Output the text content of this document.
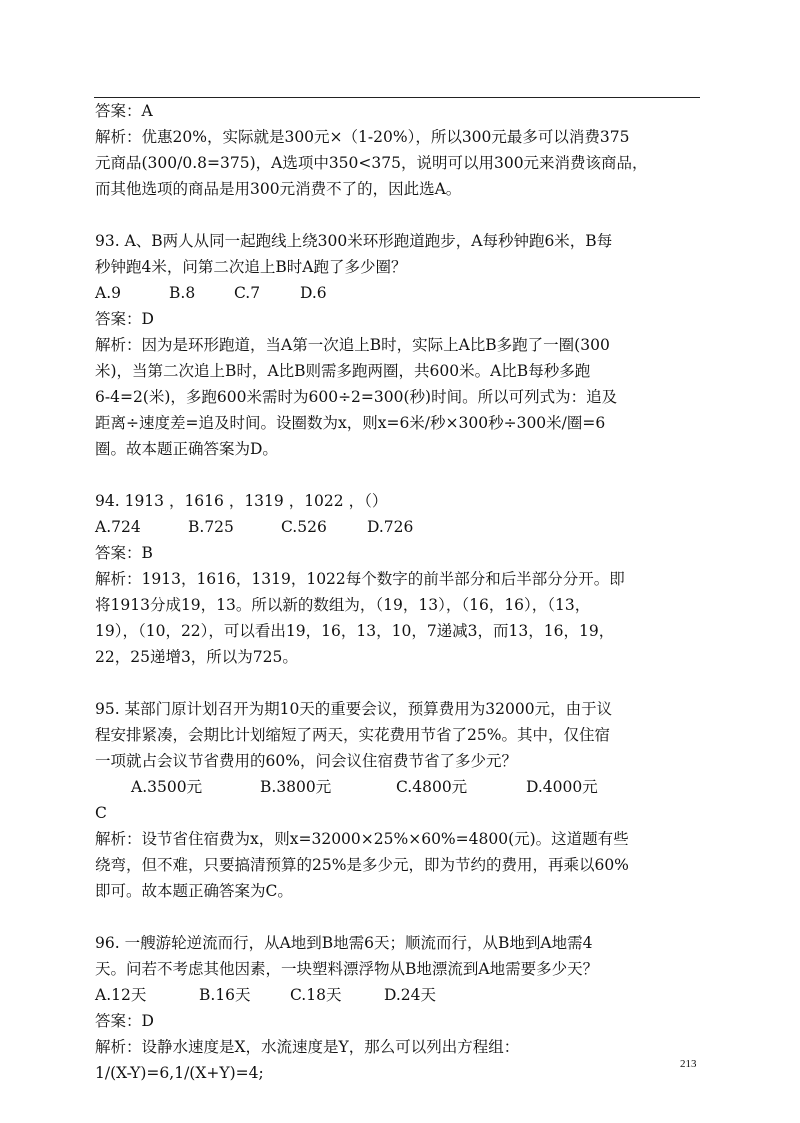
答案：A
解析：优惠20%，实际就是300元×（1-20%），所以300元最多可以消费375
元商品(300/0.8=375)，A选项中350<375，说明可以用300元来消费该商品，
而其他选项的商品是用300元消费不了的，因此选A。
93. A、B两人从同一起跑线上绕300米环形跑道跑步，A每秒钟跑6米，B每
秒钟跑4米，问第二次追上B时A跑了多少圈？
A.9	B.8	C.7	D.6
答案：D
解析：因为是环形跑道，当A第一次追上B时，实际上A比B多跑了一圈(300
米)，当第二次追上B时，A比B则需多跑两圈，共600米。A比B每秒多跑
6-4=2(米)，多跑600米需时为600÷2=300(秒)时间。所以可列式为：追及
距离÷速度差=追及时间。设圈数为x，则x=6米/秒×300秒÷300米/圈=6
圈。故本题正确答案为D。
94. 1913 ，1616 ，1319 ，1022 ，（）
A.724	B.725	C.526	D.726
答案：B
解析：1913，1616，1319，1022每个数字的前半部分和后半部分分开。即
将1913分成19，13。所以新的数组为，（19，13），（16，16），（13，
19），（10，22），可以看出19，16，13，10，7递减3，而13，16，19，
22，25递增3，所以为725。
95. 某部门原计划召开为期10天的重要会议，预算费用为32000元，由于议
程安排紧凑，会期比计划缩短了两天，实花费用节省了25%。其中，仅住宿
一项就占会议节省费用的60%，问会议住宿费节省了多少元？
A.3500元	B.3800元	C.4800元	D.4000元
C
解析：设节省住宿费为x，则x=32000×25%×60%=4800(元)。这道题有些
绕弯，但不难，只要搞清预算的25%是多少元，即为节约的费用，再乘以60%
即可。故本题正确答案为C。
96. 一艘游轮逆流而行，从A地到B地需6天；顺流而行，从B地到A地需4
天。问若不考虑其他因素，一块塑料漂浮物从B地漂流到A地需要多少天？
A.12天	B.16天	C.18天	D.24天
答案：D
解析：设静水速度是X，水流速度是Y，那么可以列出方程组：
1/(X-Y)=6,1/(X+Y)=4;	213
